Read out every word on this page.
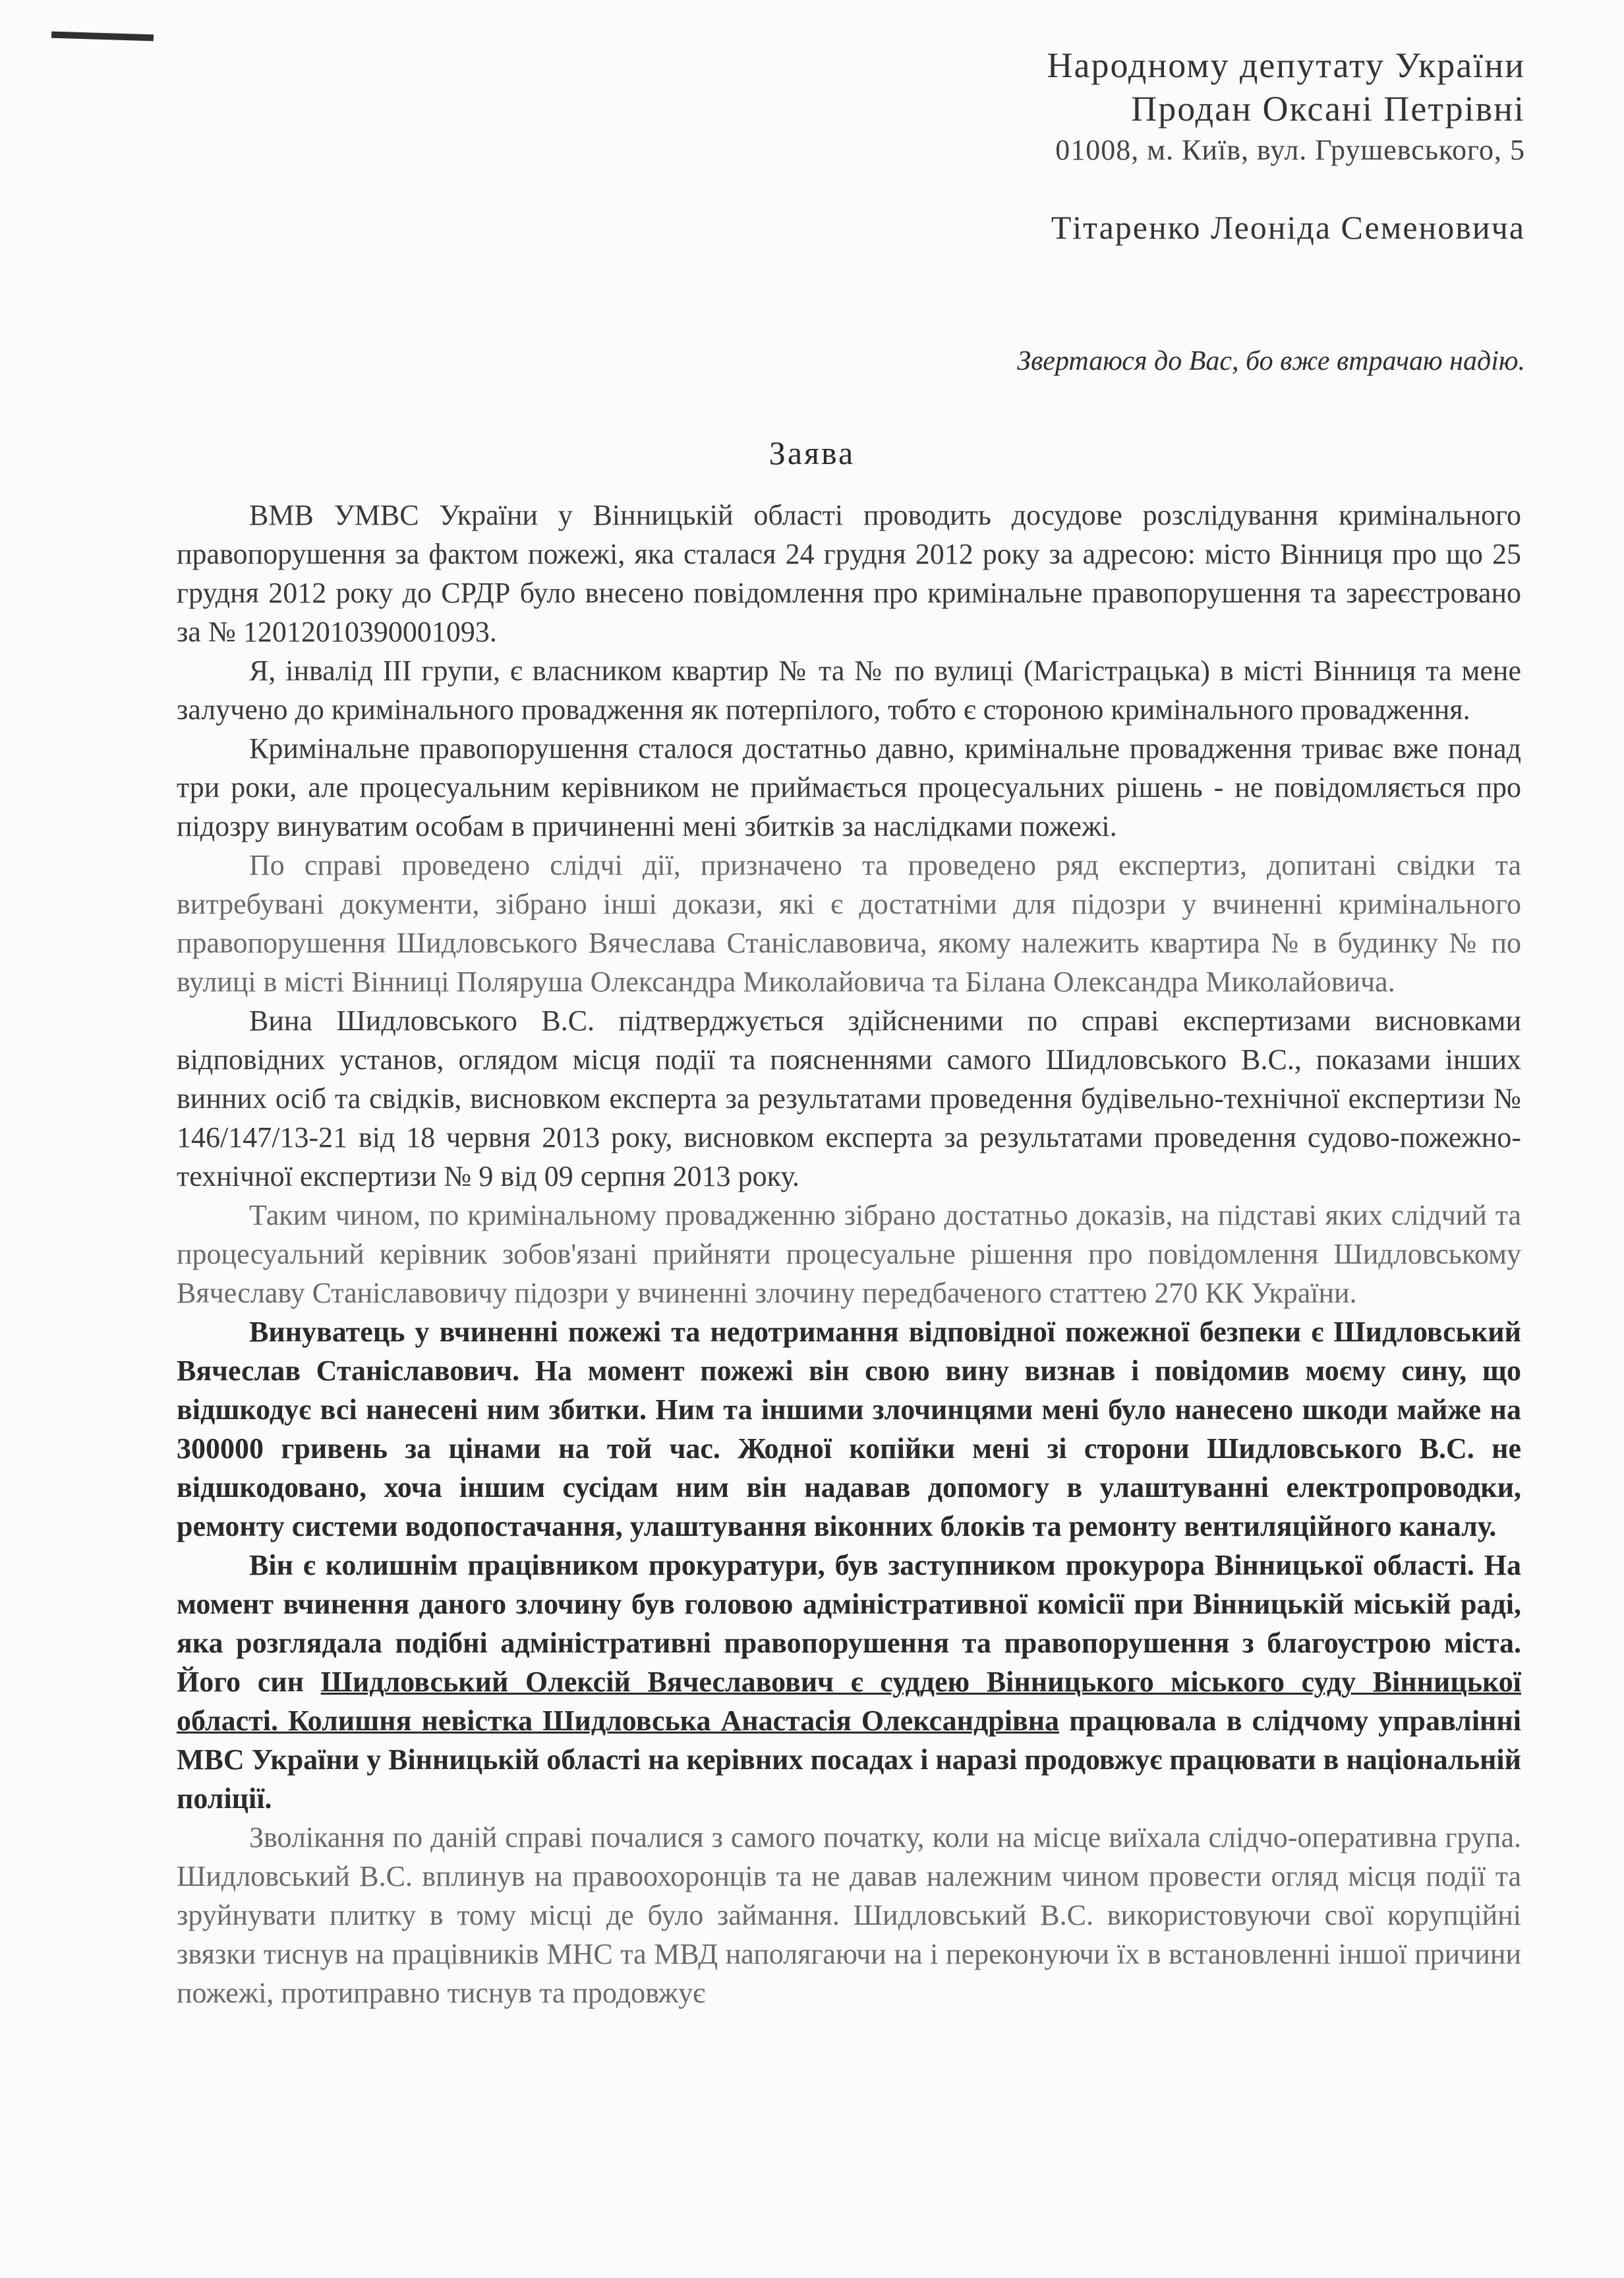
Народному депутату України
Продан Оксані Петрівні
01008, м. Київ, вул. Грушевського, 5
Тітаренко Леоніда Семеновича
Звертаюся до Вас, бо вже втрачаю надію.
Заява

ВМВ УМВС України у Вінницькій області проводить досудове розслідування кримінального правопорушення за фактом пожежі, яка сталася 24 грудня 2012 року за адресою: місто Вінниця про що 25 грудня 2012 року до СРДР було внесено повідомлення про кримінальне правопорушення та зареєстровано за № 12012010390001093.

Я, інвалід ІІІ групи, є власником квартир № та № по вулиці (Магістрацька) в місті Вінниця та мене залучено до кримінального провадження як потерпілого, тобто є стороною кримінального провадження.

Кримінальне правопорушення сталося достатньо давно, кримінальне провадження триває вже понад три роки, але процесуальним керівником не приймається процесуальних рішень - не повідомляється про підозру винуватим особам в причиненні мені збитків за наслідками пожежі.

По справі проведено слідчі дії, призначено та проведено ряд експертиз, допитані свідки та витребувані документи, зібрано інші докази, які є достатніми для підозри у вчиненні кримінального правопорушення Шидловського Вячеслава Станіславовича, якому належить квартира № в будинку № по вулиці в місті Вінниці Поляруша Олександра Миколайовича та Білана Олександра Миколайовича.

Вина Шидловського В.С. підтверджується здійсненими по справі експертизами висновками відповідних установ, оглядом місця події та поясненнями самого Шидловського В.С., показами інших винних осіб та свідків, висновком експерта за результатами проведення будівельно-технічної експертизи № 146/147/13-21 від 18 червня 2013 року, висновком експерта за результатами проведення судово-пожежно-технічної експертизи № 9 від 09 серпня 2013 року.

Таким чином, по кримінальному провадженню зібрано достатньо доказів, на підставі яких слідчий та процесуальний керівник зобов'язані прийняти процесуальне рішення про повідомлення Шидловському Вячеславу Станіславовичу підозри у вчиненні злочину передбаченого статтею 270 КК України.

Винуватець у вчиненні пожежі та недотримання відповідної пожежної безпеки є Шидловський Вячеслав Станіславович. На момент пожежі він свою вину визнав і повідомив моєму сину, що відшкодує всі нанесені ним збитки. Ним та іншими злочинцями мені було нанесено шкоди майже на 300000 гривень за цінами на той час. Жодної копійки мені зі сторони Шидловського В.С. не відшкодовано, хоча іншим сусідам ним він надавав допомогу в улаштуванні електропроводки, ремонту системи водопостачання, улаштування віконних блоків та ремонту вентиляційного каналу.

Він є колишнім працівником прокуратури, був заступником прокурора Вінницької області. На момент вчинення даного злочину був головою адміністративної комісії при Вінницькій міській раді, яка розглядала подібні адміністративні правопорушення та правопорушення з благоустрою міста. Його син Шидловський Олексій Вячеславович є суддею Вінницького міського суду Вінницької області. Колишня невістка Шидловська Анастасія Олександрівна працювала в слідчому управлінні МВС України у Вінницькій області на керівних посадах і наразі продовжує працювати в національній поліції.

Зволікання по даній справі почалися з самого початку, коли на місце виїхала слідчо-оперативна група. Шидловський В.С. вплинув на правоохоронців та не давав належним чином провести огляд місця події та зруйнувати плитку в тому місці де було займання. Шидловський В.С. використовуючи свої корупційні звязки тиснув на працівників МНС та МВД наполягаючи на і переконуючи їх в встановленні іншої причини пожежі, протиправно тиснув та продовжує
